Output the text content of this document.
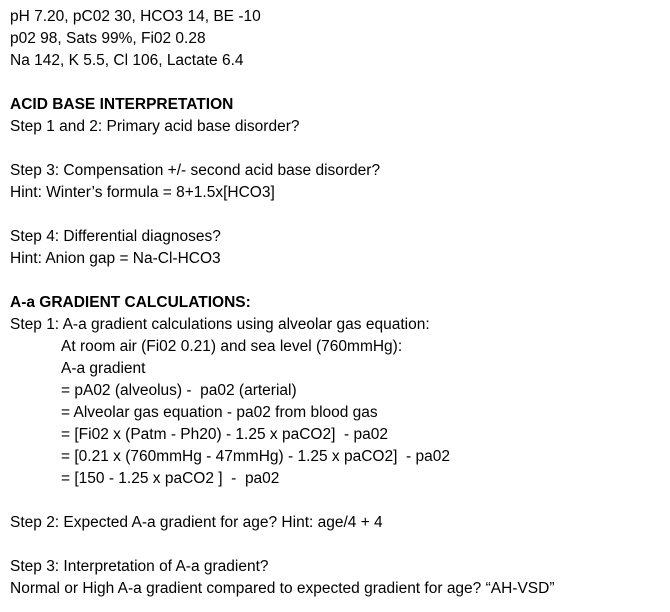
pH 7.20, pC02 30, HCO3 14, BE -10
p02 98, Sats 99%, Fi02 0.28
Na 142, K 5.5, Cl 106, Lactate 6.4
ACID BASE INTERPRETATION
Step 1 and 2: Primary acid base disorder?
Step 3: Compensation +/- second acid base disorder?
Hint: Winter’s formula = 8+1.5x[HCO3]
Step 4: Differential diagnoses?
Hint: Anion gap = Na-Cl-HCO3
A-a GRADIENT CALCULATIONS:
Step 1: A-a gradient calculations using alveolar gas equation:
At room air (Fi02 0.21) and sea level (760mmHg):
A-a gradient
= pA02 (alveolus) -  pa02 (arterial)
= Alveolar gas equation - pa02 from blood gas
= [Fi02 x (Patm - Ph20) - 1.25 x paCO2]  - pa02
= [0.21 x (760mmHg - 47mmHg) - 1.25 x paCO2]  - pa02
= [150 - 1.25 x paCO2 ]  -  pa02
Step 2: Expected A-a gradient for age? Hint: age/4 + 4
Step 3: Interpretation of A-a gradient?
Normal or High A-a gradient compared to expected gradient for age? “AH-VSD”
